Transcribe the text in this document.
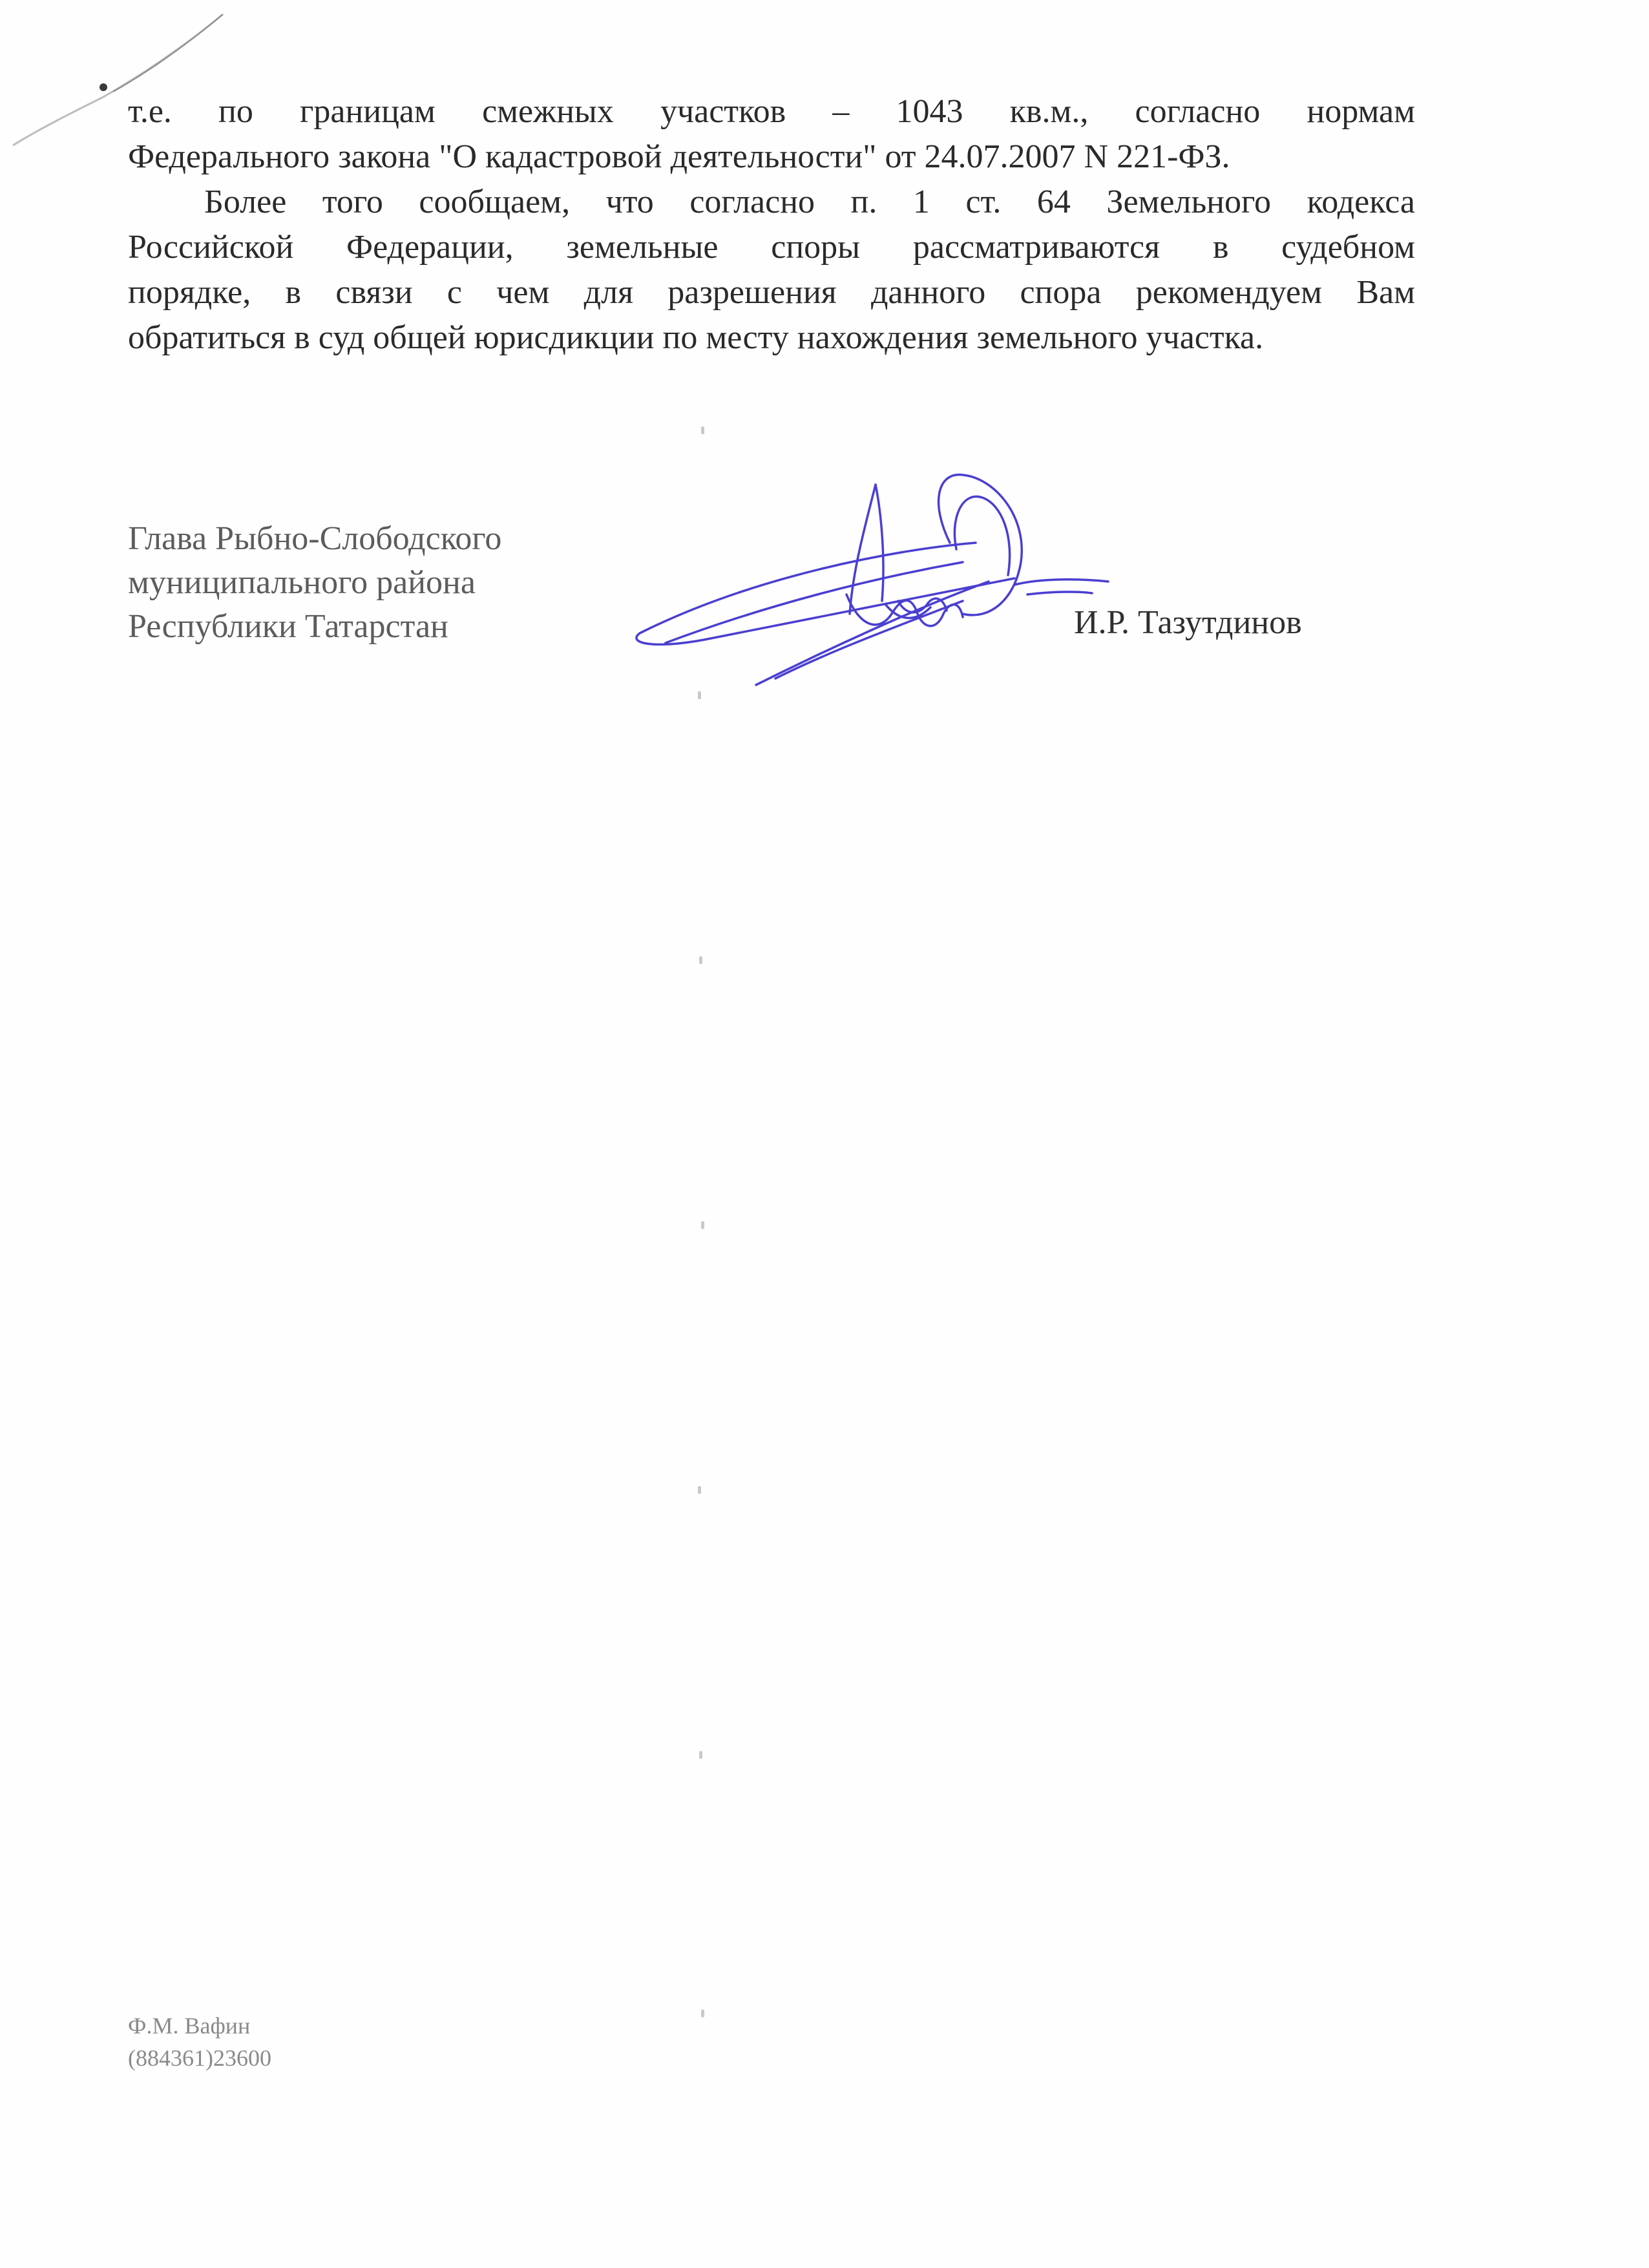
т.е. по границам смежных участков – 1043 кв.м., согласно нормам
Федерального закона "О кадастровой деятельности" от 24.07.2007 N 221-ФЗ.
Более того сообщаем, что согласно п. 1 ст. 64 Земельного кодекса
Российской Федерации, земельные споры рассматриваются в судебном
порядке, в связи с чем для разрешения данного спора рекомендуем Вам
обратиться в суд общей юрисдикции по месту нахождения земельного участка.
Глава Рыбно-Слободского
муниципального района
Республики Татарстан	И.Р. Тазутдинов
Ф.М. Вафин
(884361)23600
